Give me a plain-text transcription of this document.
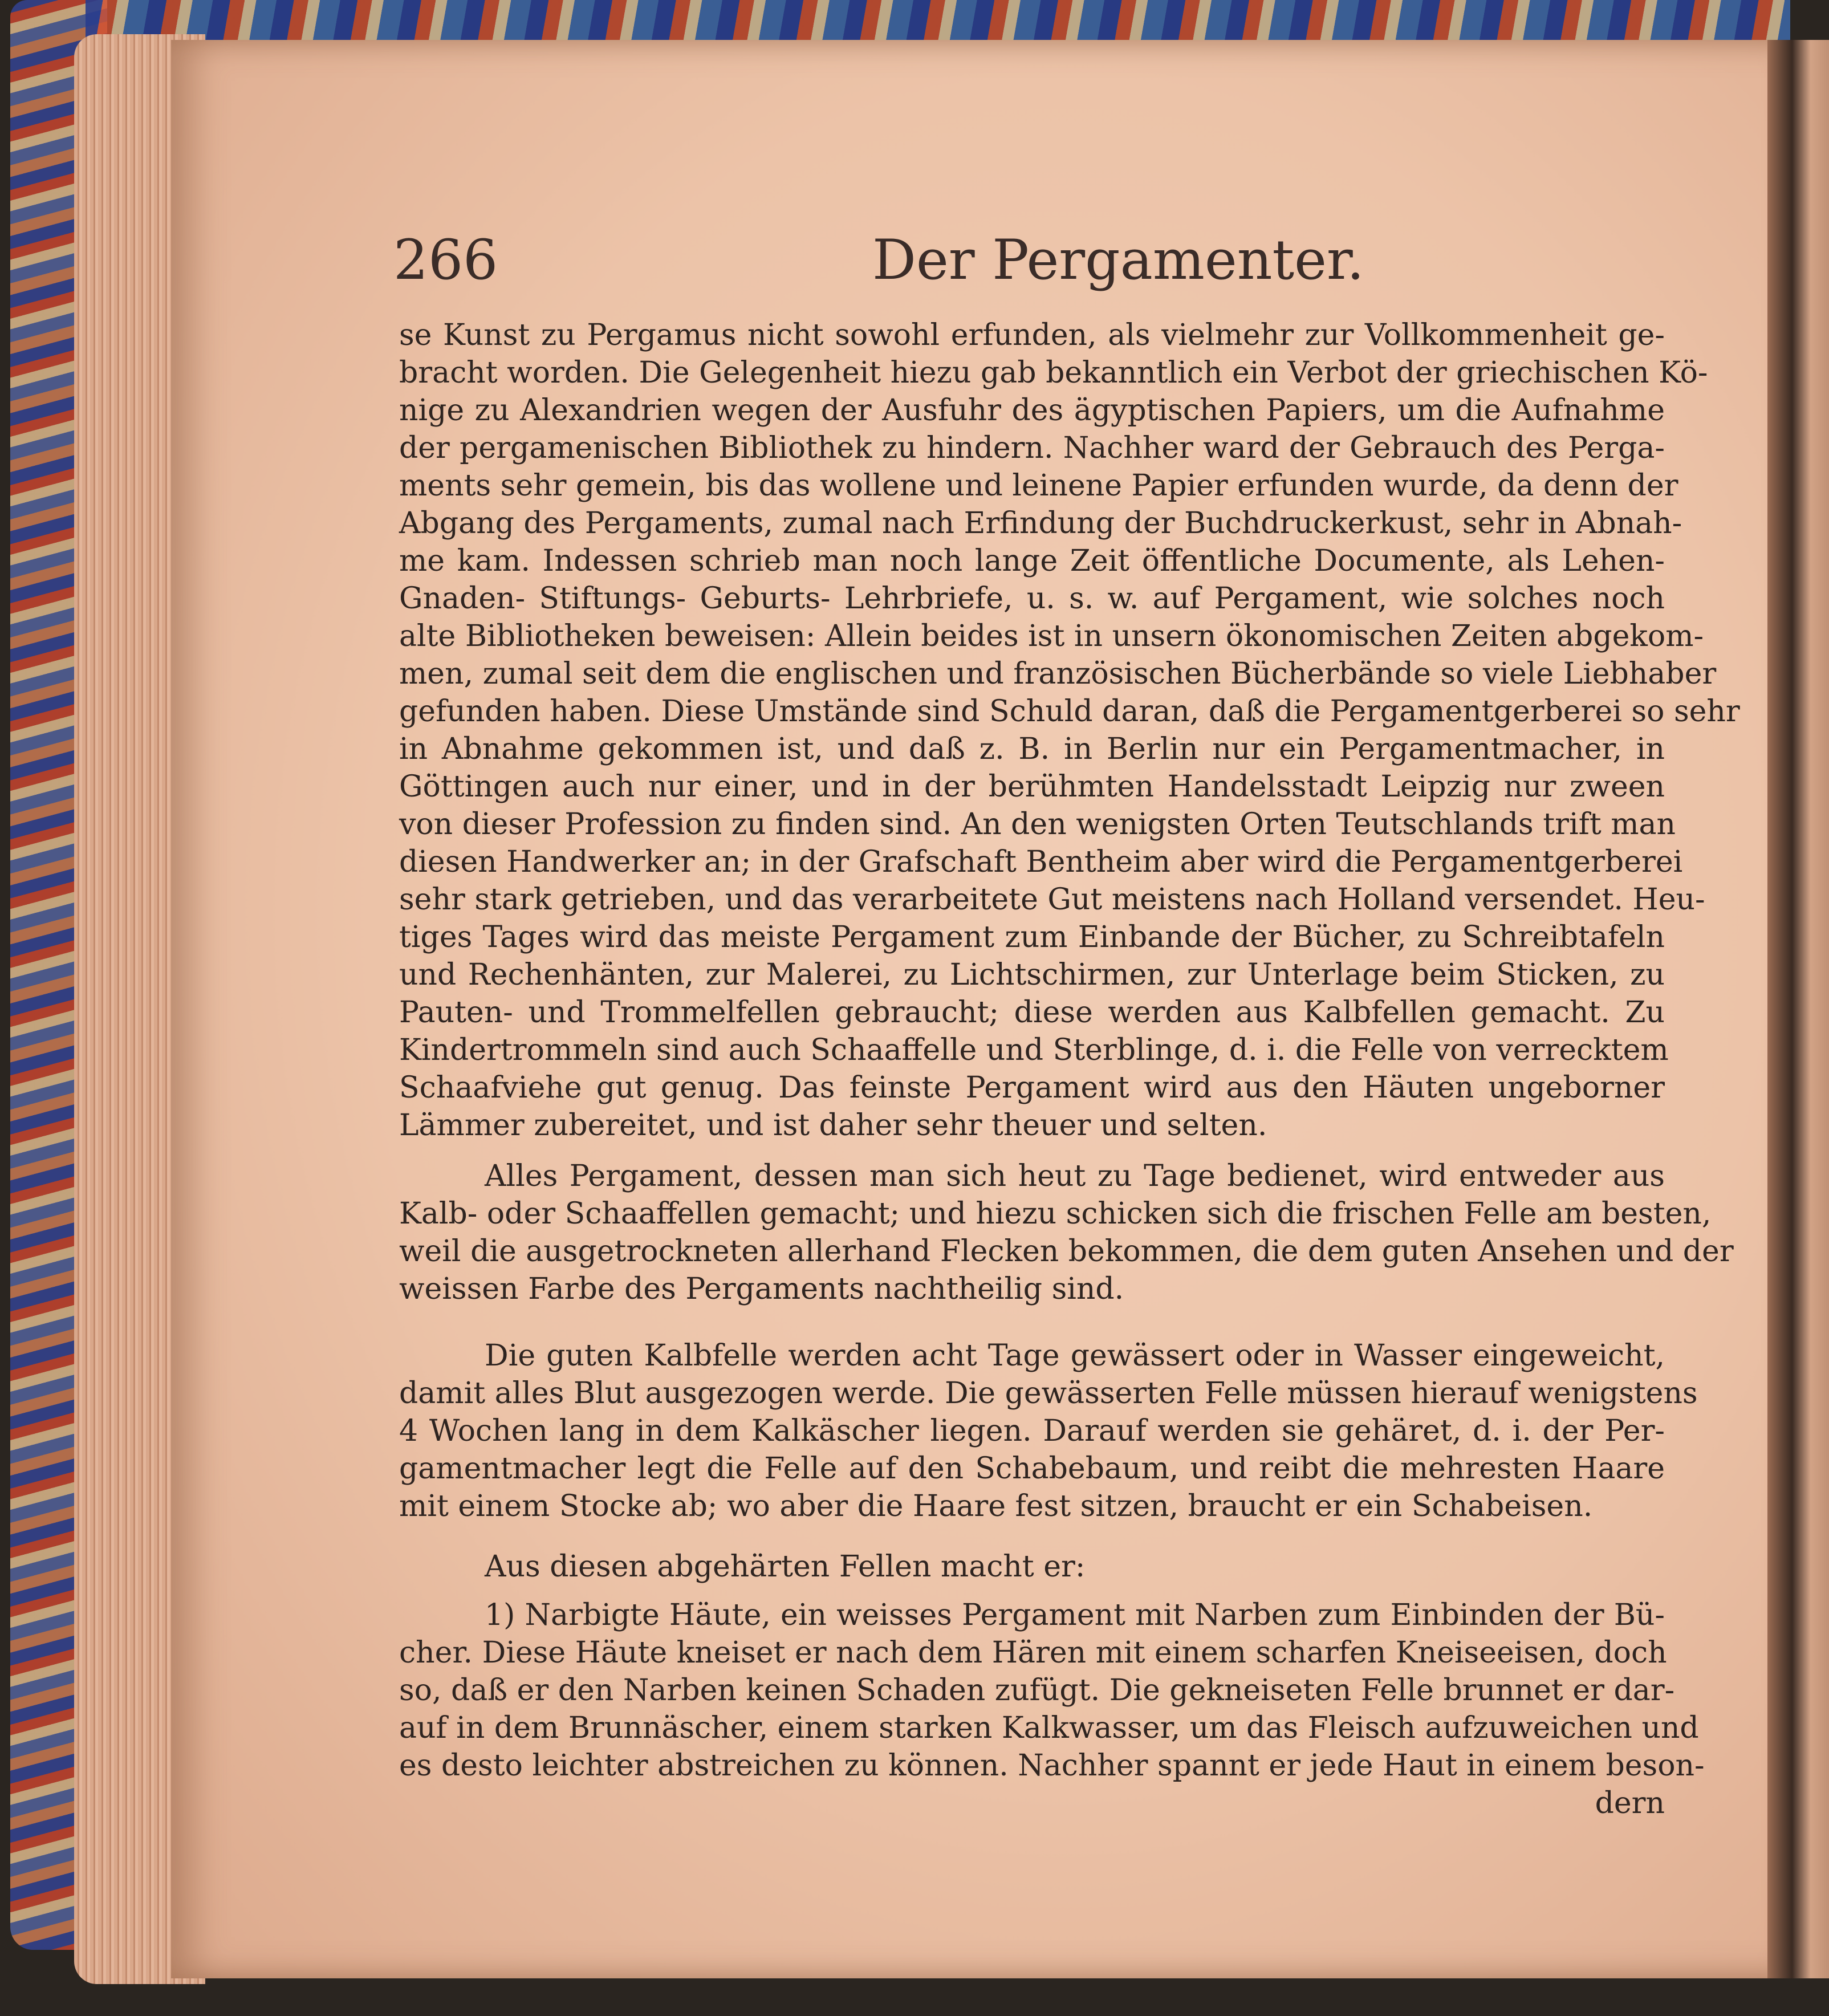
266	Der Pergamenter.
se Kunst zu Pergamus nicht sowohl erfunden, als vielmehr zur Vollkommenheit ge-
bracht worden. Die Gelegenheit hiezu gab bekanntlich ein Verbot der griechischen Kö-
nige zu Alexandrien wegen der Ausfuhr des ägyptischen Papiers, um die Aufnahme
der pergamenischen Bibliothek zu hindern. Nachher ward der Gebrauch des Perga-
ments sehr gemein, bis das wollene und leinene Papier erfunden wurde, da denn der
Abgang des Pergaments, zumal nach Erfindung der Buchdruckerkust, sehr in Abnah-
me kam. Indessen schrieb man noch lange Zeit öffentliche Documente, als Lehen-
Gnaden- Stiftungs- Geburts- Lehrbriefe, u. s. w. auf Pergament, wie solches noch
alte Bibliotheken beweisen: Allein beides ist in unsern ökonomischen Zeiten abgekom-
men, zumal seit dem die englischen und französischen Bücherbände so viele Liebhaber
gefunden haben. Diese Umstände sind Schuld daran, daß die Pergamentgerberei so sehr
in Abnahme gekommen ist, und daß z. B. in Berlin nur ein Pergamentmacher, in
Göttingen auch nur einer, und in der berühmten Handelsstadt Leipzig nur zween
von dieser Profession zu finden sind. An den wenigsten Orten Teutschlands trift man
diesen Handwerker an; in der Grafschaft Bentheim aber wird die Pergamentgerberei
sehr stark getrieben, und das verarbeitete Gut meistens nach Holland versendet. Heu-
tiges Tages wird das meiste Pergament zum Einbande der Bücher, zu Schreibtafeln
und Rechenhänten, zur Malerei, zu Lichtschirmen, zur Unterlage beim Sticken, zu
Pauten- und Trommelfellen gebraucht; diese werden aus Kalbfellen gemacht. Zu
Kindertrommeln sind auch Schaaffelle und Sterblinge, d. i. die Felle von verrecktem
Schaafviehe gut genug. Das feinste Pergament wird aus den Häuten ungeborner
Lämmer zubereitet, und ist daher sehr theuer und selten.
Alles Pergament, dessen man sich heut zu Tage bedienet, wird entweder aus
Kalb- oder Schaaffellen gemacht; und hiezu schicken sich die frischen Felle am besten,
weil die ausgetrockneten allerhand Flecken bekommen, die dem guten Ansehen und der
weissen Farbe des Pergaments nachtheilig sind.
Die guten Kalbfelle werden acht Tage gewässert oder in Wasser eingeweicht,
damit alles Blut ausgezogen werde. Die gewässerten Felle müssen hierauf wenigstens
4 Wochen lang in dem Kalkäscher liegen. Darauf werden sie gehäret, d. i. der Per-
gamentmacher legt die Felle auf den Schabebaum, und reibt die mehresten Haare
mit einem Stocke ab; wo aber die Haare fest sitzen, braucht er ein Schabeisen.
Aus diesen abgehärten Fellen macht er:
1) Narbigte Häute, ein weisses Pergament mit Narben zum Einbinden der Bü-
cher. Diese Häute kneiset er nach dem Hären mit einem scharfen Kneiseeisen, doch
so, daß er den Narben keinen Schaden zufügt. Die gekneiseten Felle brunnet er dar-
auf in dem Brunnäscher, einem starken Kalkwasser, um das Fleisch aufzuweichen und
es desto leichter abstreichen zu können. Nachher spannt er jede Haut in einem beson-
dern
